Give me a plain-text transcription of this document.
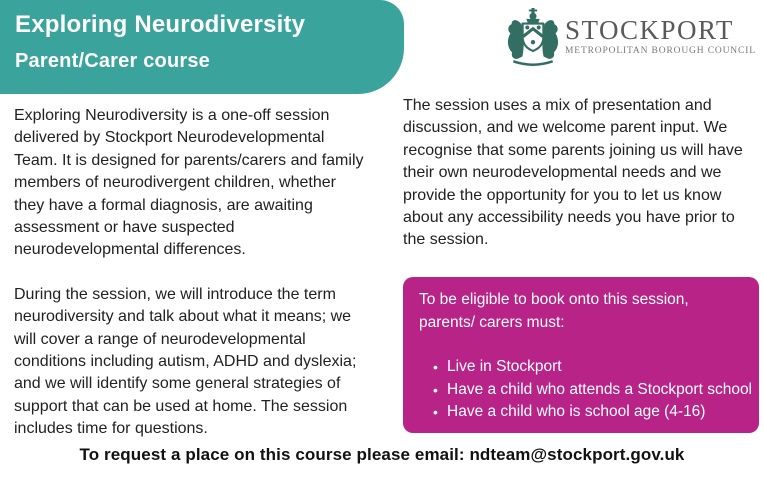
Exploring Neurodiversity
Parent/Carer course
STOCKPORT
METROPOLITAN BOROUGH COUNCIL

Exploring Neurodiversity is a one-off session delivered by Stockport Neurodevelopmental Team. It is designed for parents/carers and family members of neurodivergent children, whether they have a formal diagnosis, are awaiting assessment or have suspected neurodevelopmental differences.

During the session, we will introduce the term neurodiversity and talk about what it means; we will cover a range of neurodevelopmental conditions including autism, ADHD and dyslexia; and we will identify some general strategies of support that can be used at home. The session includes time for questions.

The session uses a mix of presentation and discussion, and we welcome parent input. We recognise that some parents joining us will have their own neurodevelopmental needs and we provide the opportunity for you to let us know about any accessibility needs you have prior to the session.

To be eligible to book onto this session, parents/ carers must:
• Live in Stockport
• Have a child who attends a Stockport school
• Have a child who is school age (4-16)
To request a place on this course please email: ndteam@stockport.gov.uk
